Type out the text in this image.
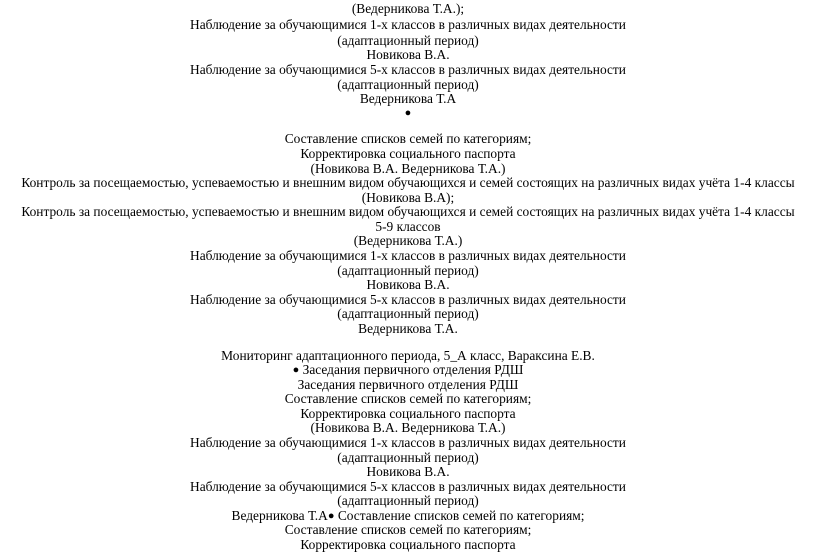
(Ведерникова Т.А.);
Наблюдение за обучающимися 1-х классов в различных видах деятельности
(адаптационный период)
Новикова В.А.
Наблюдение за обучающимися 5-х классов в различных видах деятельности
(адаптационный период)
Ведерникова Т.А
●
Составление списков семей по категориям;
Корректировка социального паспорта
(Новикова В.А. Ведерникова Т.А.)
Контроль за посещаемостью, успеваемостью и внешним видом обучающихся и семей состоящих на различных видах учёта 1-4 классы
(Новикова В.А);
Контроль за посещаемостью, успеваемостью и внешним видом обучающихся и семей состоящих на различных видах учёта 1-4 классы
5-9 классов
(Ведерникова Т.А.)
Наблюдение за обучающимися 1-х классов в различных видах деятельности
(адаптационный период)
Новикова В.А.
Наблюдение за обучающимися 5-х классов в различных видах деятельности
(адаптационный период)
Ведерникова Т.А.
Мониторинг адаптационного периода, 5_А класс, Вараксина Е.В.
● Заседания первичного отделения РДШ
Заседания первичного отделения РДШ
Составление списков семей по категориям;
Корректировка социального паспорта
(Новикова В.А. Ведерникова Т.А.)
Наблюдение за обучающимися 1-х классов в различных видах деятельности
(адаптационный период)
Новикова В.А.
Наблюдение за обучающимися 5-х классов в различных видах деятельности
(адаптационный период)
Ведерникова Т.А● Составление списков семей по категориям;
Составление списков семей по категориям;
Корректировка социального паспорта
